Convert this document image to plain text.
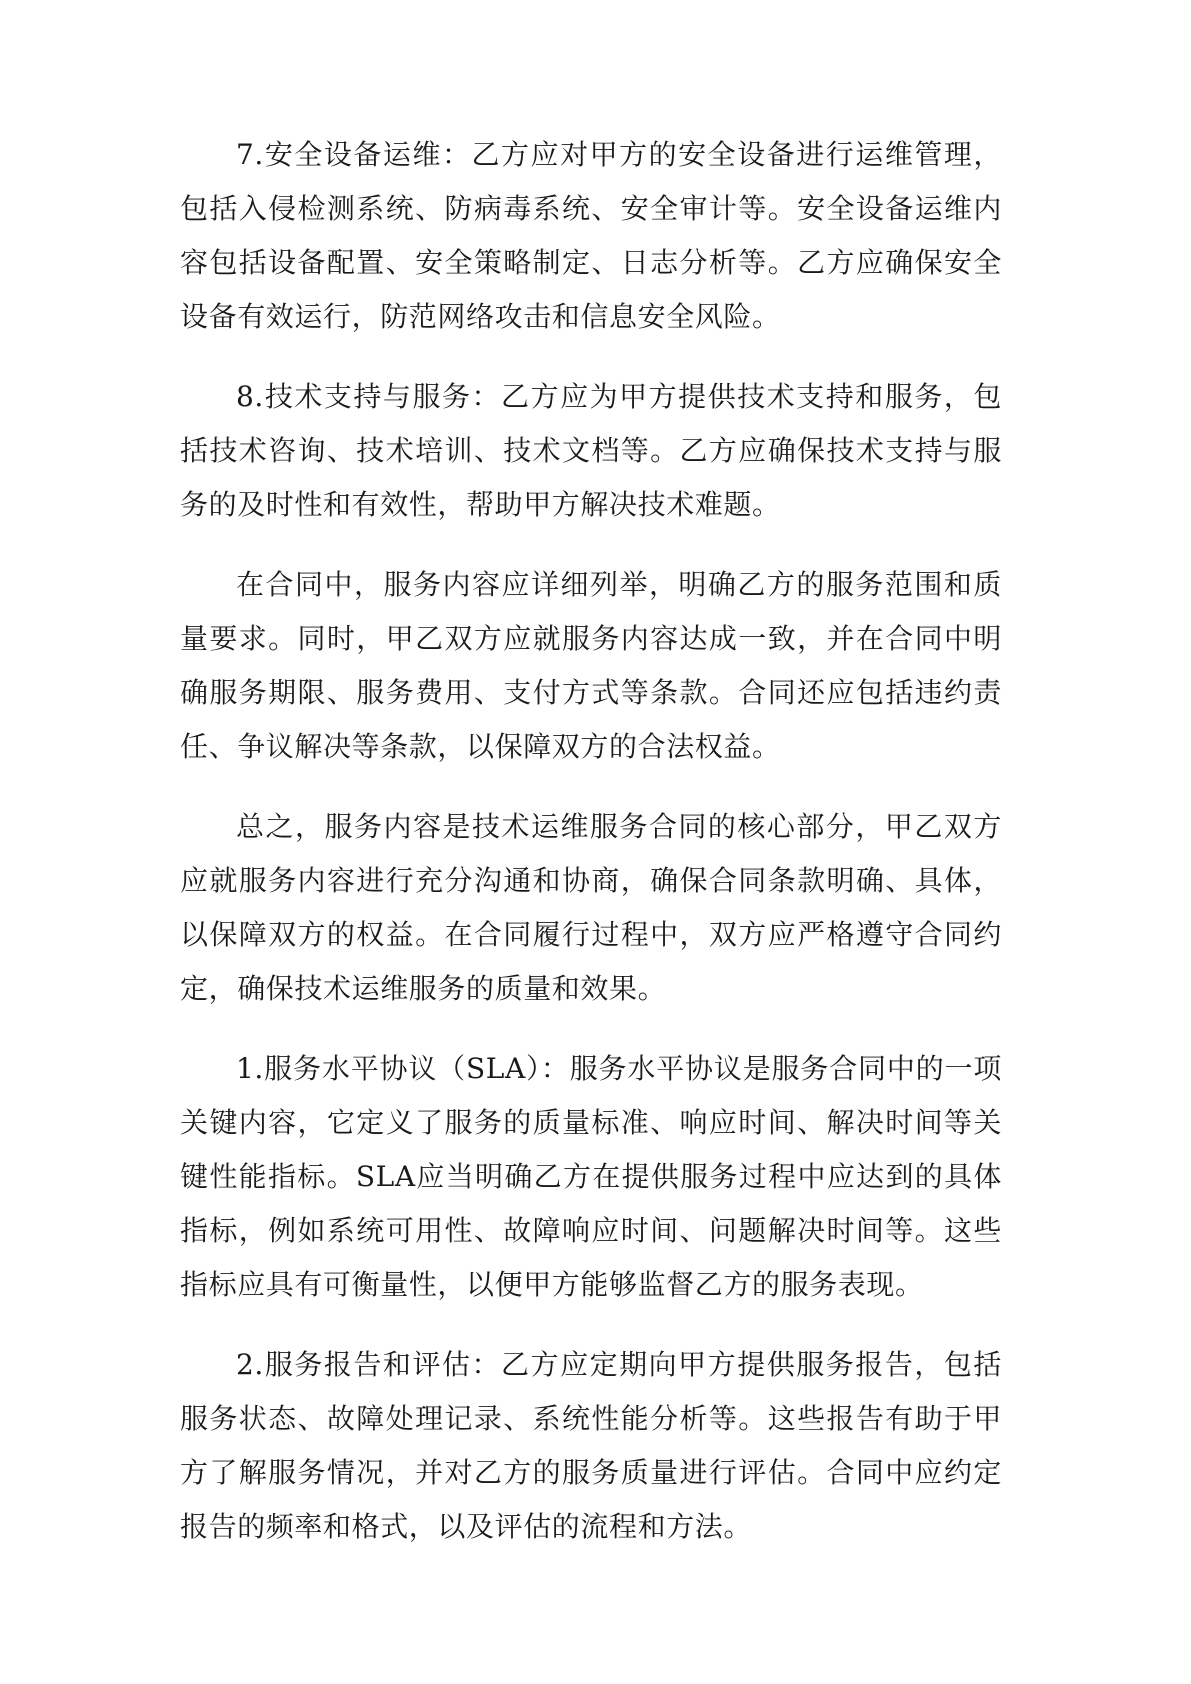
7.安全设备运维：乙方应对甲方的安全设备进行运维管理，包括入侵检测系统、防病毒系统、安全审计等。安全设备运维内容包括设备配置、安全策略制定、日志分析等。乙方应确保安全设备有效运行，防范网络攻击和信息安全风险。

8.技术支持与服务：乙方应为甲方提供技术支持和服务，包括技术咨询、技术培训、技术文档等。乙方应确保技术支持与服务的及时性和有效性，帮助甲方解决技术难题。

在合同中，服务内容应详细列举，明确乙方的服务范围和质量要求。同时，甲乙双方应就服务内容达成一致，并在合同中明确服务期限、服务费用、支付方式等条款。合同还应包括违约责任、争议解决等条款，以保障双方的合法权益。

总之，服务内容是技术运维服务合同的核心部分，甲乙双方应就服务内容进行充分沟通和协商，确保合同条款明确、具体，以保障双方的权益。在合同履行过程中，双方应严格遵守合同约定，确保技术运维服务的质量和效果。

1.服务水平协议（SLA）：服务水平协议是服务合同中的一项关键内容，它定义了服务的质量标准、响应时间、解决时间等关键性能指标。SLA应当明确乙方在提供服务过程中应达到的具体指标，例如系统可用性、故障响应时间、问题解决时间等。这些指标应具有可衡量性，以便甲方能够监督乙方的服务表现。

2.服务报告和评估：乙方应定期向甲方提供服务报告，包括服务状态、故障处理记录、系统性能分析等。这些报告有助于甲方了解服务情况，并对乙方的服务质量进行评估。合同中应约定报告的频率和格式，以及评估的流程和方法。
